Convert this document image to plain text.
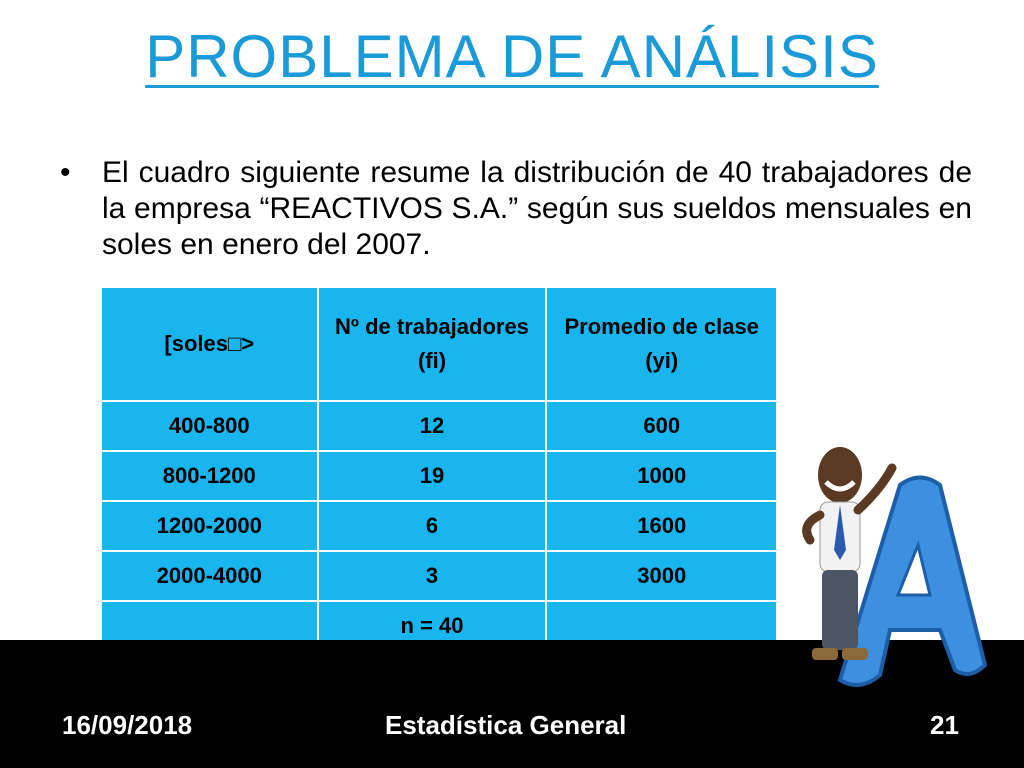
PROBLEMA DE ANÁLISIS
• El cuadro siguiente resume la distribución de 40 trabajadores de la empresa “REACTIVOS S.A.” según sus sueldos mensuales en soles en enero del 2007.
[soles□>	Nº de trabajadores (fi)	Promedio de clase (yi)
400-800	12	600
800-1200	19	1000
1200-2000	6	1600
2000-4000	3	3000
	n = 40	
16/09/2018	Estadística General	21
